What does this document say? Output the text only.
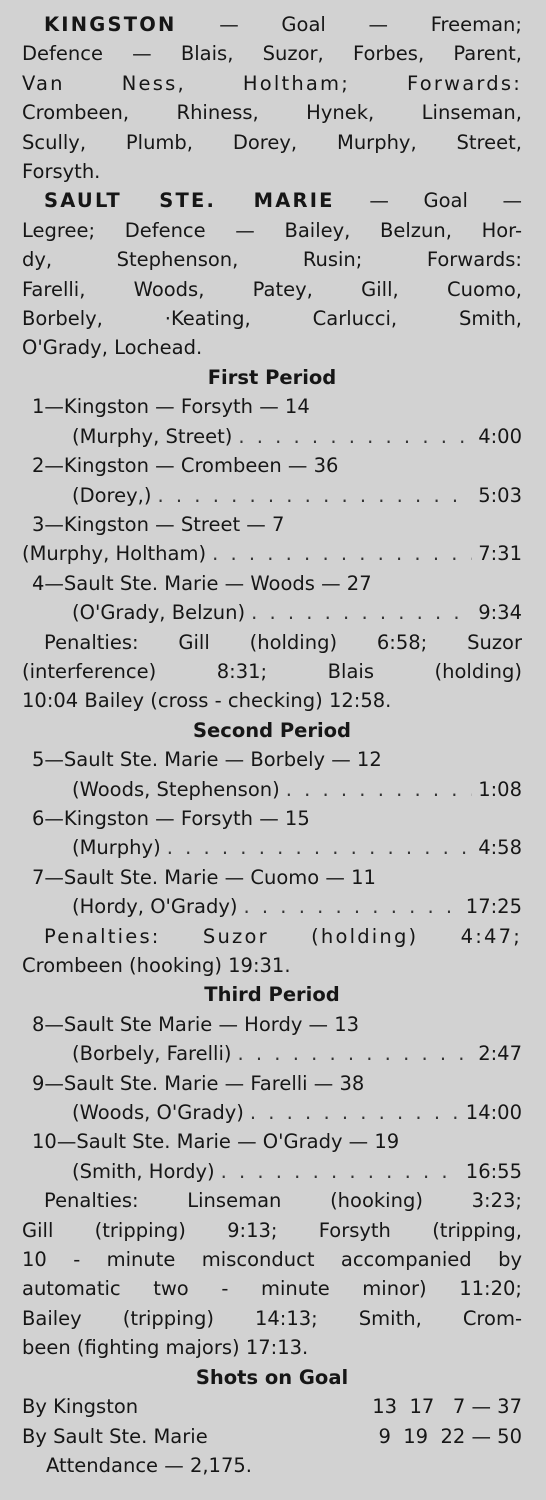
KINGSTON — Goal — Freeman;
Defence — Blais, Suzor, Forbes, Parent,
Van Ness, Holtham; Forwards:
Crombeen, Rhiness, Hynek, Linseman,
Scully, Plumb, Dorey, Murphy, Street,
Forsyth.
SAULT STE. MARIE — Goal —
Legree; Defence — Bailey, Belzun, Hor-
dy, Stephenson, Rusin; Forwards:
Farelli, Woods, Patey, Gill, Cuomo,
Borbely, ·Keating, Carlucci, Smith,
O'Grady, Lochead.
First Period
1—Kingston — Forsyth — 14
(Murphy, Street) . . .	4:00
2—Kingston — Crombeen — 36
(Dorey,) . . .	5:03
3—Kingston — Street — 7
(Murphy, Holtham) . . .	7:31
4—Sault Ste. Marie — Woods — 27
(O'Grady, Belzun) . . .	9:34
Penalties: Gill (holding) 6:58; Suzor
(interference) 8:31; Blais (holding)
10:04 Bailey (cross - checking) 12:58.
Second Period
5—Sault Ste. Marie — Borbely — 12
(Woods, Stephenson) . . .	1:08
6—Kingston — Forsyth — 15
(Murphy) . . .	4:58
7—Sault Ste. Marie — Cuomo — 11
(Hordy, O'Grady) . . .	17:25
Penalties: Suzor (holding) 4:47;
Crombeen (hooking) 19:31.
Third Period
8—Sault Ste Marie — Hordy — 13
(Borbely, Farelli) . . .	2:47
9—Sault Ste. Marie — Farelli — 38
(Woods, O'Grady) . . .	14:00
10—Sault Ste. Marie — O'Grady — 19
(Smith, Hordy) . . .	16:55
Penalties: Linseman (hooking) 3:23;
Gill (tripping) 9:13; Forsyth (tripping,
10 - minute misconduct accompanied by
automatic two - minute minor) 11:20;
Bailey (tripping) 14:13; Smith, Crom-
been (fighting majors) 17:13.
Shots on Goal
By Kingston	13  17   7 — 37
By Sault Ste. Marie	9  19  22 — 50
Attendance — 2,175.
